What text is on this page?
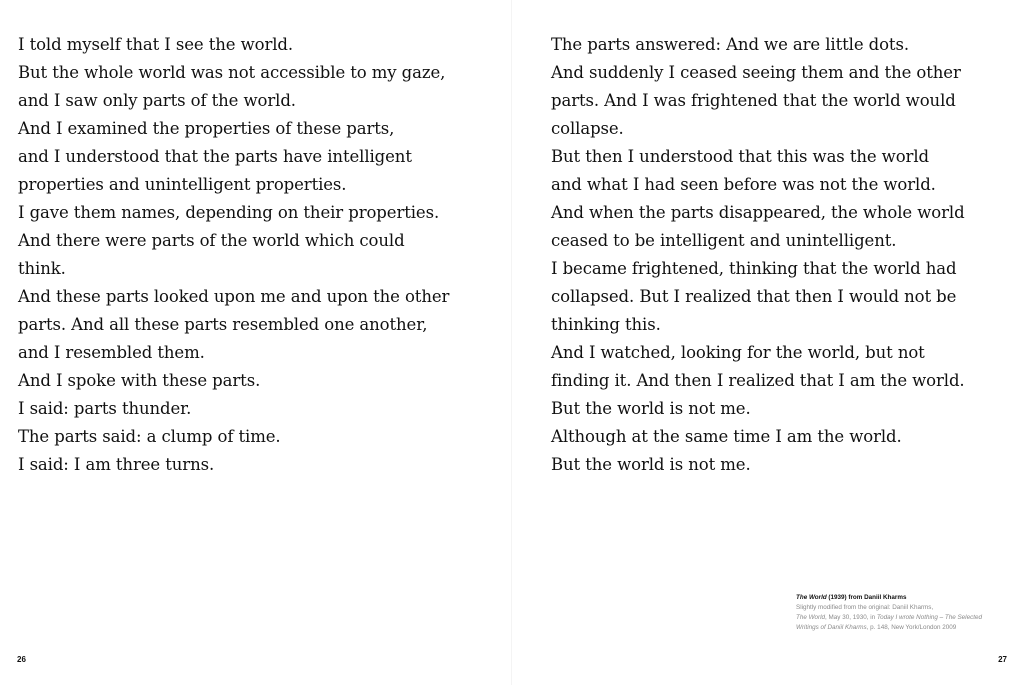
I told myself that I see the world.
But the whole world was not accessible to my gaze,
and I saw only parts of the world.
And I examined the properties of these parts,
and I understood that the parts have intelligent
properties and unintelligent properties.
I gave them names, depending on their properties.
And there were parts of the world which could
think.
And these parts looked upon me and upon the other
parts. And all these parts resembled one another,
and I resembled them.
And I spoke with these parts.
I said: parts thunder.
The parts said: a clump of time.
I said: I am three turns.
26
The parts answered: And we are little dots.
And suddenly I ceased seeing them and the other
parts. And I was frightened that the world would
collapse.
But then I understood that this was the world
and what I had seen before was not the world.
And when the parts disappeared, the whole world
ceased to be intelligent and unintelligent.
I became frightened, thinking that the world had
collapsed. But I realized that then I would not be
thinking this.
And I watched, looking for the world, but not
finding it. And then I realized that I am the world.
But the world is not me.
Although at the same time I am the world.
But the world is not me.
The World (1939) from Daniil Kharms
Slightly modified from the original: Daniil Kharms,
The World, May 30, 1930, in Today I wrote Nothing – The Selected
Writings of Daniil Kharms, p. 148, New York/London 2009
27
